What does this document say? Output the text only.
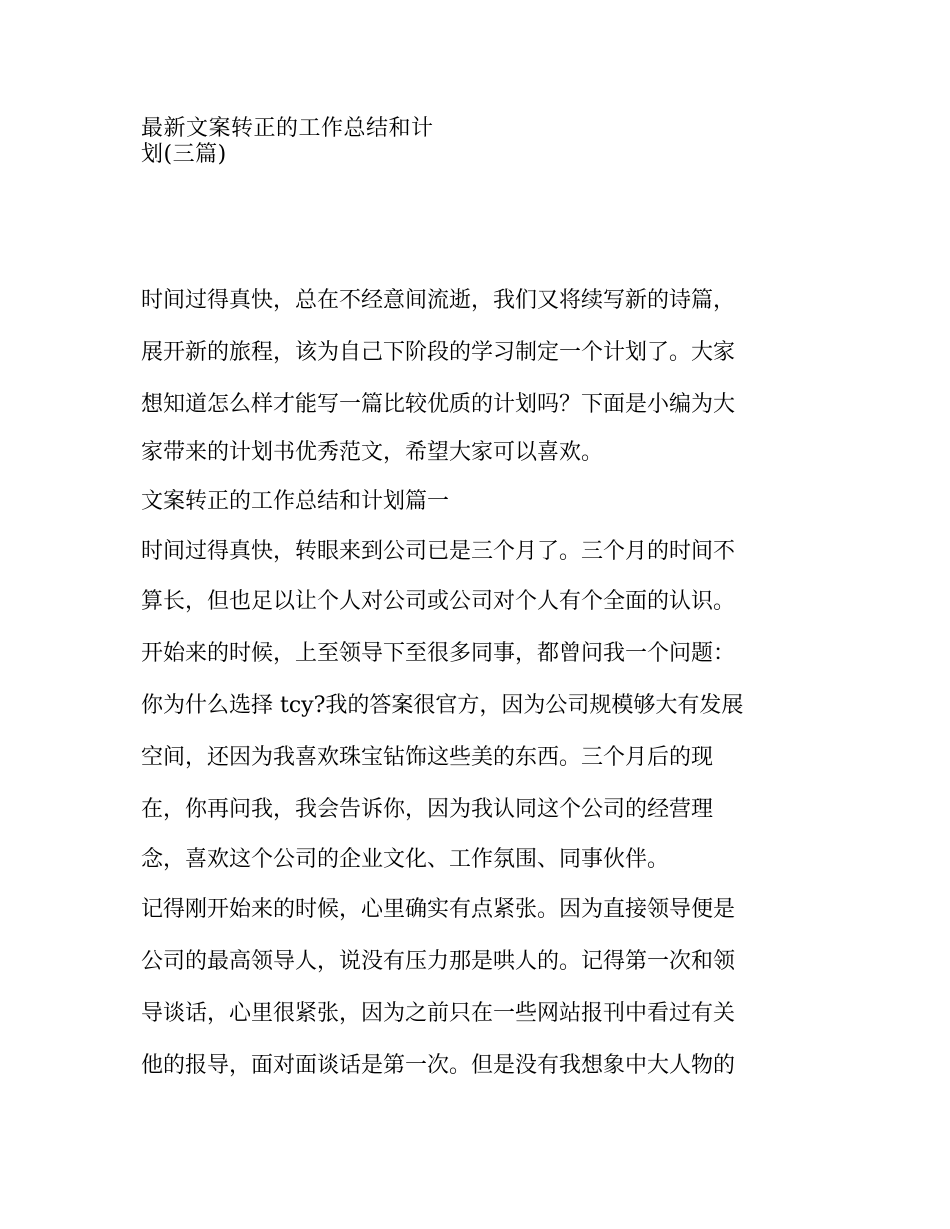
最新文案转正的工作总结和计
划(三篇)
时间过得真快，总在不经意间流逝，我们又将续写新的诗篇，
展开新的旅程，该为自己下阶段的学习制定一个计划了。大家
想知道怎么样才能写一篇比较优质的计划吗？下面是小编为大
家带来的计划书优秀范文，希望大家可以喜欢。
文案转正的工作总结和计划篇一
时间过得真快，转眼来到公司已是三个月了。三个月的时间不
算长，但也足以让个人对公司或公司对个人有个全面的认识。
开始来的时候，上至领导下至很多同事，都曾问我一个问题：
你为什么选择 tcy?我的答案很官方，因为公司规模够大有发展
空间，还因为我喜欢珠宝钻饰这些美的东西。三个月后的现
在，你再问我，我会告诉你，因为我认同这个公司的经营理
念，喜欢这个公司的企业文化、工作氛围、同事伙伴。
记得刚开始来的时候，心里确实有点紧张。因为直接领导便是
公司的最高领导人，说没有压力那是哄人的。记得第一次和领
导谈话，心里很紧张，因为之前只在一些网站报刊中看过有关
他的报导，面对面谈话是第一次。但是没有我想象中大人物的
